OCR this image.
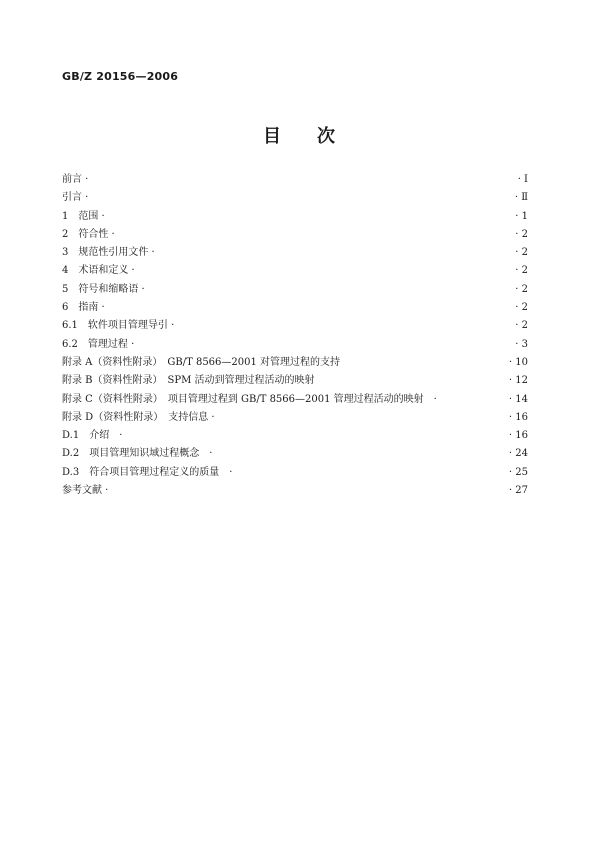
GB/Z 20156—2006
目 次
前言 ·	· Ⅰ
引言 ·	· Ⅱ
1　范围 ·	· 1
2　符合性 ·	· 2
3　规范性引用文件 ·	· 2
4　术语和定义 ·	· 2
5　符号和缩略语 ·	· 2
6　指南 ·	· 2
6.1　软件项目管理导引 ·	· 2
6.2　管理过程 ·	· 3
附录 A（资料性附录）　GB/T 8566—2001 对管理过程的支持	· 10
附录 B（资料性附录）　SPM 活动到管理过程活动的映射	· 12
附录 C（资料性附录）　项目管理过程到 GB/T 8566—2001 管理过程活动的映射　·	· 14
附录 D（资料性附录）　支持信息 ·	· 16
D.1　介绍　·	· 16
D.2　项目管理知识域过程概念　·	· 24
D.3　符合项目管理过程定义的质量　·	· 25
参考文献 ·	· 27
